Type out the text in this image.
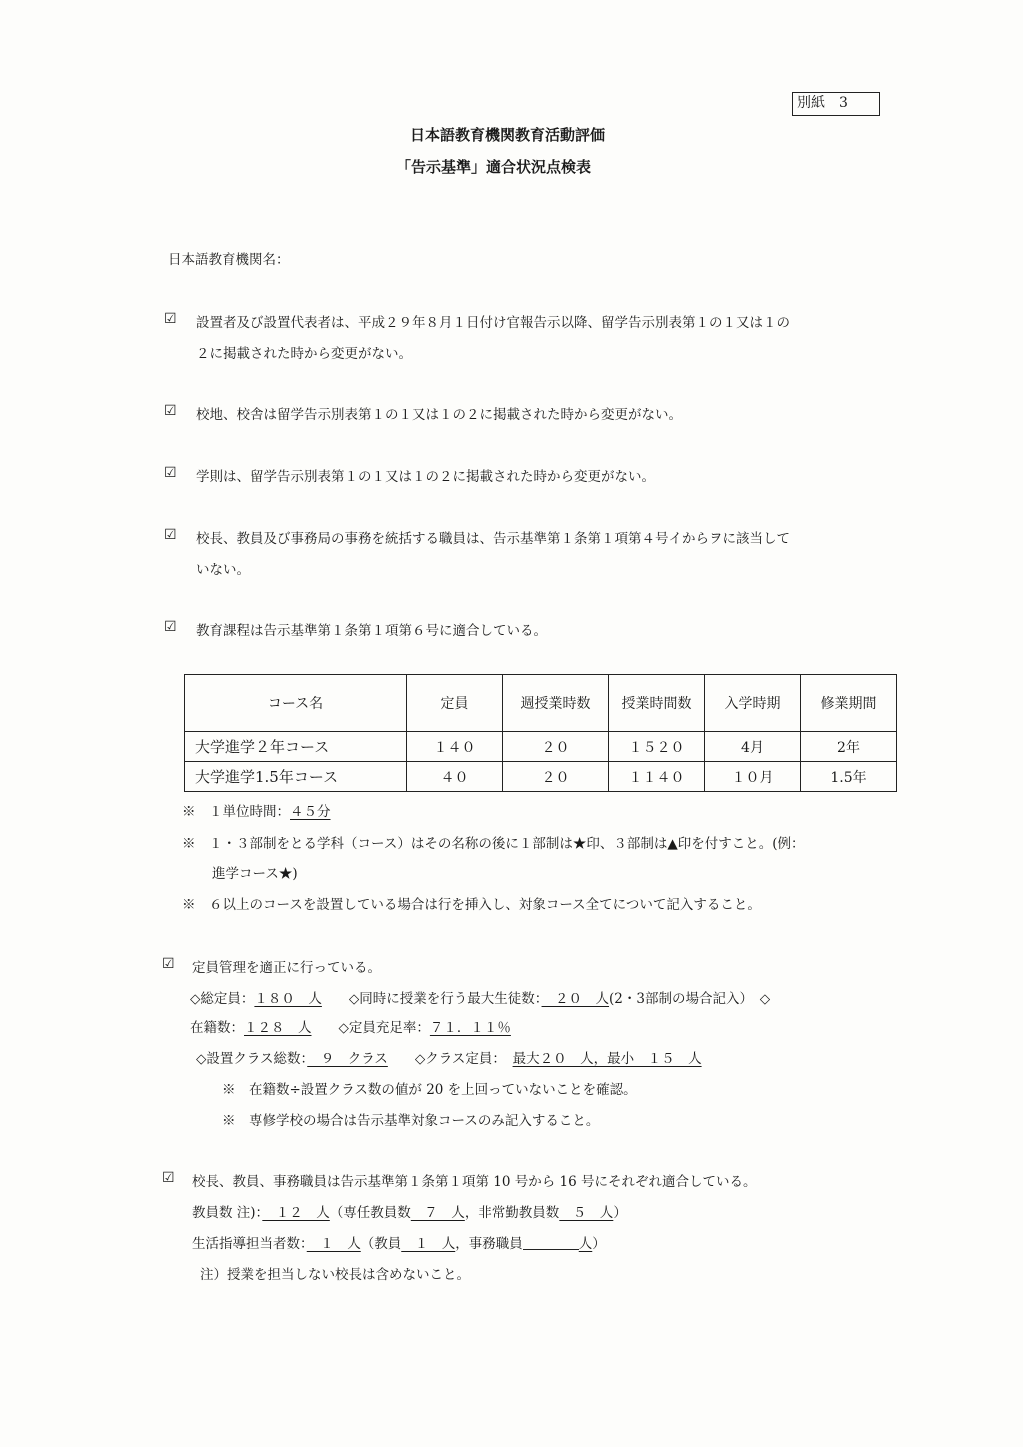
別紙　3
日本語教育機関教育活動評価
「告示基準」適合状況点検表
日本語教育機関名：
☑ 設置者及び設置代表者は、平成２９年８月１日付け官報告示以降、留学告示別表第１の１又は１の
２に掲載された時から変更がない。
☑ 校地、校舎は留学告示別表第１の１又は１の２に掲載された時から変更がない。
☑ 学則は、留学告示別表第１の１又は１の２に掲載された時から変更がない。
☑ 校長、教員及び事務局の事務を統括する職員は、告示基準第１条第１項第４号イからヲに該当して
いない。
☑ 教育課程は告示基準第１条第１項第６号に適合している。
コース名	定員	週授業時数	授業時間数	入学時期	修業期間
大学進学２年コース	１４０	２０	１５２０	4月	2年
大学進学1.5年コース	４０	２０	１１４０	１０月	1.5年
※　１単位時間：４５分
※　１・３部制をとる学科（コース）はその名称の後に１部制は★印、３部制は▲印を付すこと。(例：
進学コース★)
※　６以上のコースを設置している場合は行を挿入し、対象コース全てについて記入すること。
☑ 定員管理を適正に行っている。
◇総定員：１８０　人　　 ◇同時に授業を行う最大生徒数：　２０　人(2・3部制の場合記入）　◇
在籍数：１２８　人　　 ◇定員充足率：７１．１１％
◇設置クラス総数：　９　クラス　　 ◇クラス定員：　 最大２０　人，最小　１５　人
※　在籍数÷設置クラス数の値が 20 を上回っていないことを確認。
※　専修学校の場合は告示基準対象コースのみ記入すること。
☑ 校長、教員、事務職員は告示基準第１条第１項第 10 号から 16 号にそれぞれ適合している。
教員数 注)：　１２　人（専任教員数　７　人，非常勤教員数　５　人）
生活指導担当者数：　１　人（教員　１　人，事務職員	人）
注）授業を担当しない校長は含めないこと。
